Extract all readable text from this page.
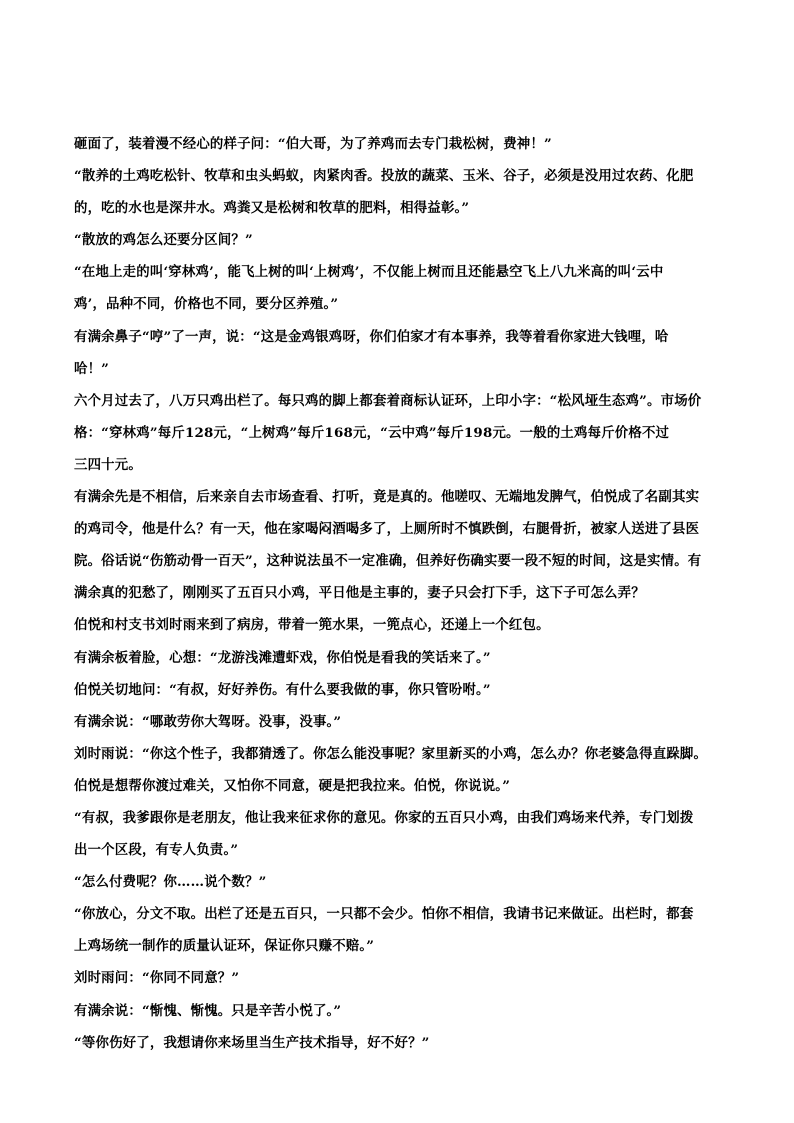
砸面了，装着漫不经心的样子问：“伯大哥，为了养鸡而去专门栽松树，费神！”
“散养的土鸡吃松针、牧草和虫头蚂蚁，肉紧肉香。投放的蔬菜、玉米、谷子，必须是没用过农药、化肥
的，吃的水也是深井水。鸡粪又是松树和牧草的肥料，相得益彰。”
“散放的鸡怎么还要分区间？”
“在地上走的叫‘穿林鸡’，能飞上树的叫‘上树鸡’，不仅能上树而且还能悬空飞上八九米高的叫‘云中
鸡’，品种不同，价格也不同，要分区养殖。”
有满余鼻子“哼”了一声，说：“这是金鸡银鸡呀，你们伯家才有本事养，我等着看你家进大钱哩，哈
哈！”
六个月过去了，八万只鸡出栏了。每只鸡的脚上都套着商标认证环，上印小字：“松风垭生态鸡”。市场价
格：“穿林鸡”每斤128元，“上树鸡”每斤168元，“云中鸡”每斤198元。一般的土鸡每斤价格不过
三四十元。
有满余先是不相信，后来亲自去市场查看、打听，竟是真的。他嗟叹、无端地发脾气，伯悦成了名副其实
的鸡司令，他是什么？有一天，他在家喝闷酒喝多了，上厕所时不慎跌倒，右腿骨折，被家人送进了县医
院。俗话说“伤筋动骨一百天”，这种说法虽不一定准确，但养好伤确实要一段不短的时间，这是实情。有
满余真的犯愁了，刚刚买了五百只小鸡，平日他是主事的，妻子只会打下手，这下子可怎么弄？
伯悦和村支书刘时雨来到了病房，带着一篼水果，一篼点心，还递上一个红包。
有满余板着脸，心想：“龙游浅滩遭虾戏，你伯悦是看我的笑话来了。”
伯悦关切地问：“有叔，好好养伤。有什么要我做的事，你只管吩咐。”
有满余说：“哪敢劳你大驾呀。没事，没事。”
刘时雨说：“你这个性子，我都猜透了。你怎么能没事呢？家里新买的小鸡，怎么办？你老婆急得直跺脚。
伯悦是想帮你渡过难关，又怕你不同意，硬是把我拉来。伯悦，你说说。”
“有叔，我爹跟你是老朋友，他让我来征求你的意见。你家的五百只小鸡，由我们鸡场来代养，专门划拨
出一个区段，有专人负责。”
“怎么付费呢？你……说个数？”
“你放心，分文不取。出栏了还是五百只，一只都不会少。怕你不相信，我请书记来做证。出栏时，都套
上鸡场统一制作的质量认证环，保证你只赚不赔。”
刘时雨问：“你同不同意？”
有满余说：“惭愧、惭愧。只是辛苦小悦了。”
“等你伤好了，我想请你来场里当生产技术指导，好不好？”
